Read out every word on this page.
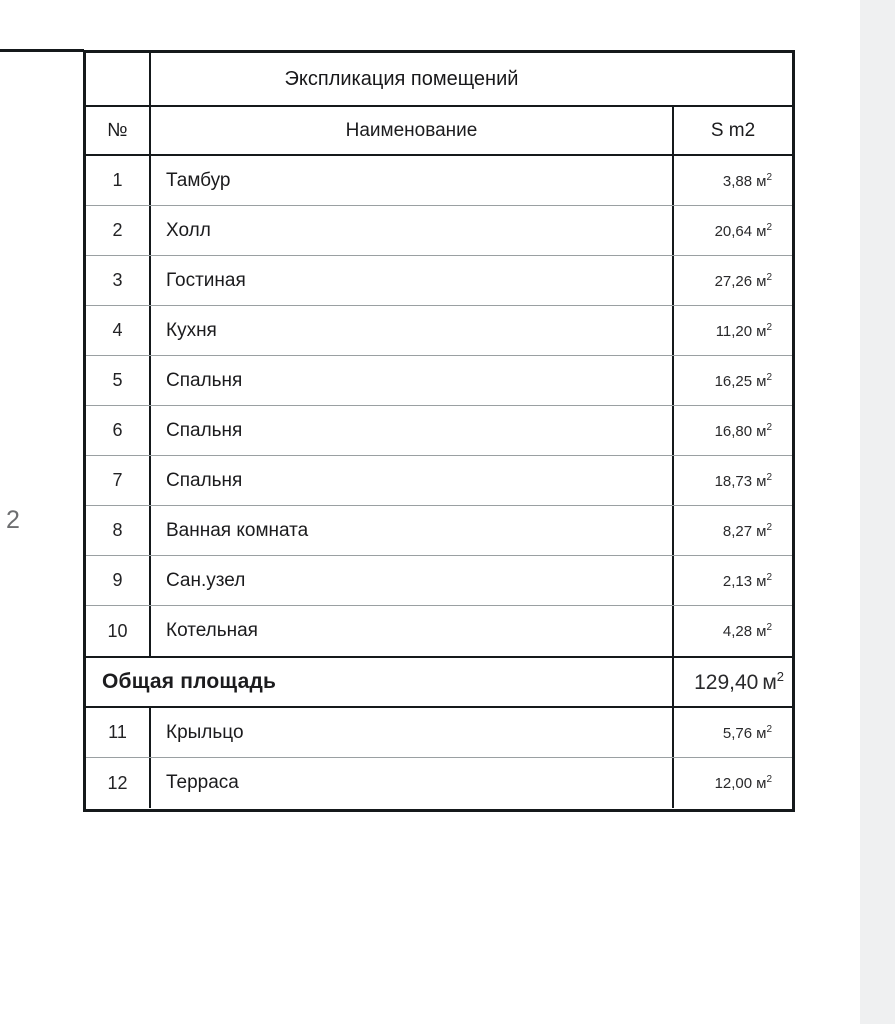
2
Экспликация помещений
№	Наименование	S m2
1 Тамбур	3,88 $м^2$
2 Холл	20,64 $м^2$
3 Гостиная	27,26 $м^2$
4 Кухня	11,20 $м^2$
5 Спальня	16,25 $м^2$
6 Спальня	16,80 $м^2$
7 Спальня	18,73 $м^2$
8 Ванная комната	8,27 $м^2$
9 Сан.узел	2,13 $м^2$
10 Котельная	4,28 $м^2$
Общая площадь	129,40 $м^2$
11 Крыльцо	5,76 $м^2$
12 Терраса	12,00 $м^2$
